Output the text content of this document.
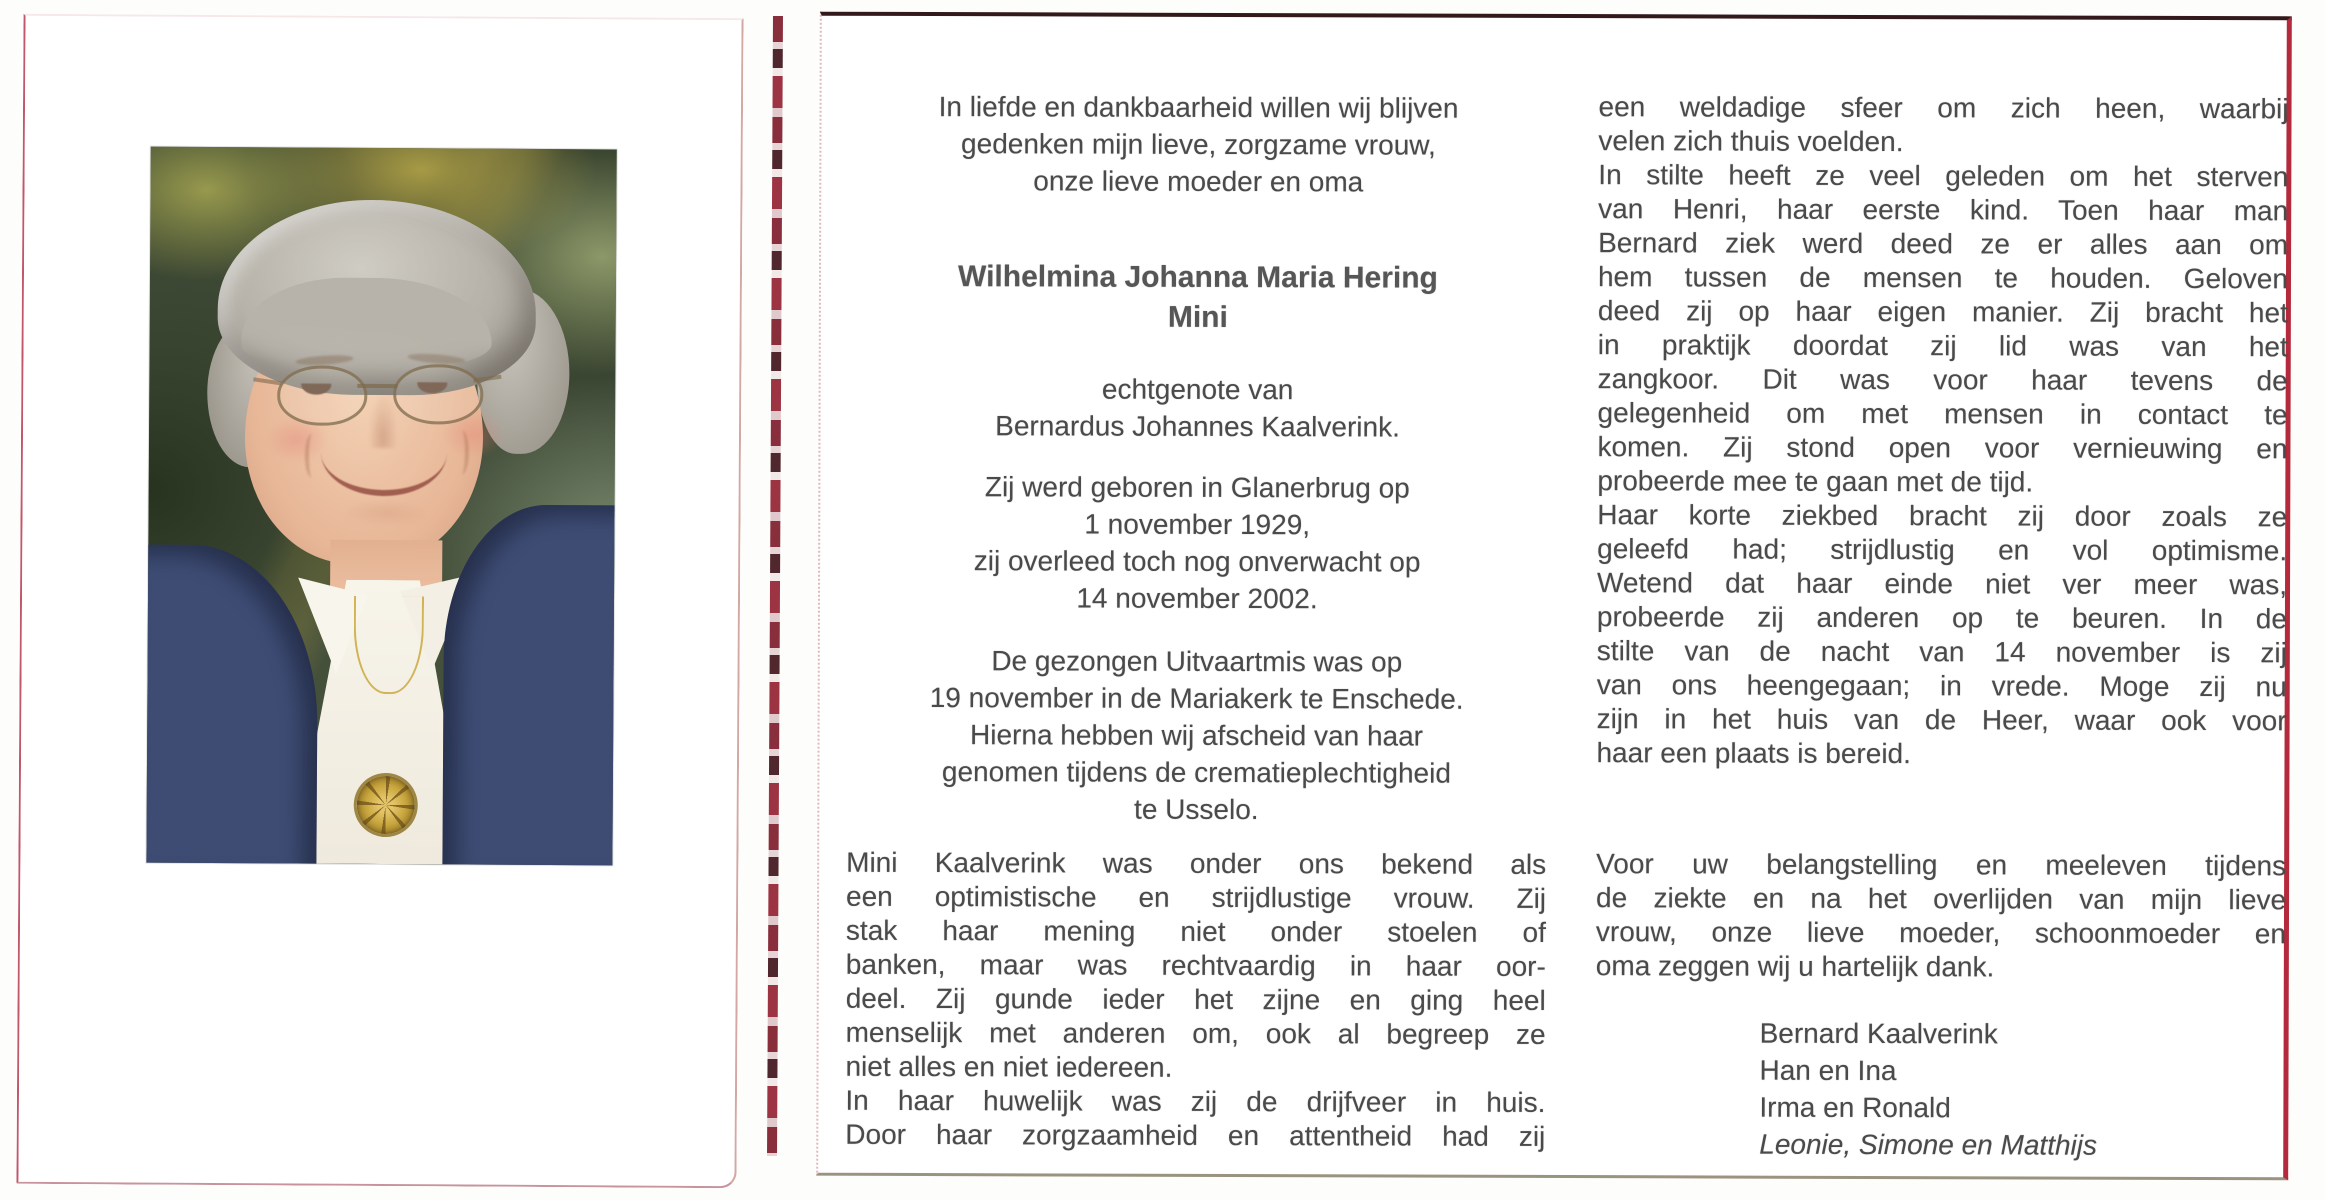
In liefde en dankbaarheid willen wij blijven
gedenken mijn lieve, zorgzame vrouw,
onze lieve moeder en oma
Wilhelmina Johanna Maria Hering
Mini
echtgenote van
Bernardus Johannes Kaalverink.
Zij werd geboren in Glanerbrug op
1 november 1929,
zij overleed toch nog onverwacht op
14 november 2002.
De gezongen Uitvaartmis was op
19 november in de Mariakerk te Enschede.
Hierna hebben wij afscheid van haar
genomen tijdens de crematieplechtigheid
te Usselo.
Mini Kaalverink was onder ons bekend als
een optimistische en strijdlustige vrouw. Zij
stak haar mening niet onder stoelen of
banken, maar was rechtvaardig in haar oor-
deel. Zij gunde ieder het zijne en ging heel
menselijk met anderen om, ook al begreep ze
niet alles en niet iedereen.
In haar huwelijk was zij de drijfveer in huis.
Door haar zorgzaamheid en attentheid had zij
een weldadige sfeer om zich heen, waarbij
velen zich thuis voelden.
In stilte heeft ze veel geleden om het sterven
van Henri, haar eerste kind. Toen haar man
Bernard ziek werd deed ze er alles aan om
hem tussen de mensen te houden. Geloven
deed zij op haar eigen manier. Zij bracht het
in praktijk doordat zij lid was van het
zangkoor. Dit was voor haar tevens de
gelegenheid om met mensen in contact te
komen. Zij stond open voor vernieuwing en
probeerde mee te gaan met de tijd.
Haar korte ziekbed bracht zij door zoals ze
geleefd had; strijdlustig en vol optimisme.
Wetend dat haar einde niet ver meer was,
probeerde zij anderen op te beuren. In de
stilte van de nacht van 14 november is zij
van ons heengegaan; in vrede. Moge zij nu
zijn in het huis van de Heer, waar ook voor
haar een plaats is bereid.
Voor uw belangstelling en meeleven tijdens
de ziekte en na het overlijden van mijn lieve
vrouw, onze lieve moeder, schoonmoeder en
oma zeggen wij u hartelijk dank.
Bernard Kaalverink
Han en Ina
Irma en Ronald
Leonie, Simone en Matthijs
